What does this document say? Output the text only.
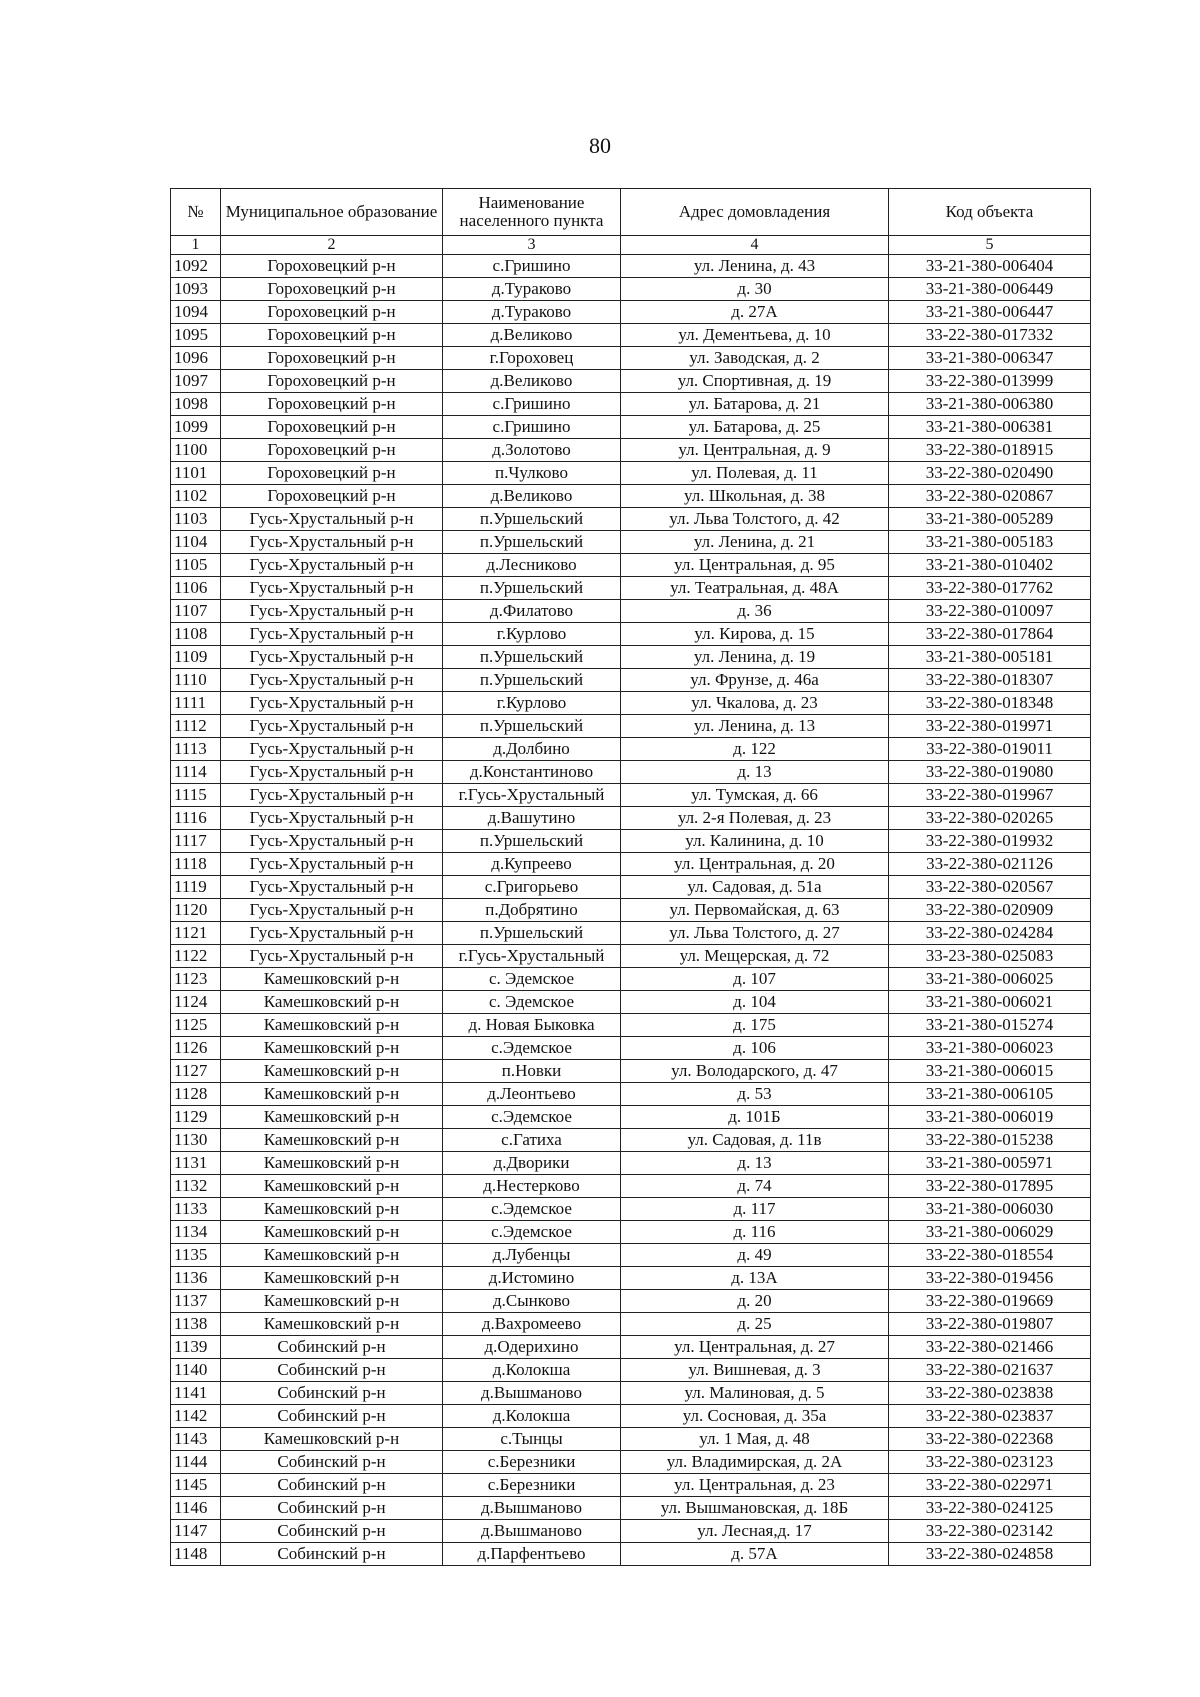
80
№	Муниципальное образование	Наименование населенного пункта	Адрес домовладения	Код объекта
1	2	3	4	5
1092	Гороховецкий р-н	с.Гришино	ул. Ленина, д. 43	33-21-380-006404
1093	Гороховецкий р-н	д.Тураково	д. 30	33-21-380-006449
1094	Гороховецкий р-н	д.Тураково	д. 27А	33-21-380-006447
1095	Гороховецкий р-н	д.Великово	ул. Дементьева, д. 10	33-22-380-017332
1096	Гороховецкий р-н	г.Гороховец	ул. Заводская, д. 2	33-21-380-006347
1097	Гороховецкий р-н	д.Великово	ул. Спортивная, д. 19	33-22-380-013999
1098	Гороховецкий р-н	с.Гришино	ул. Батарова, д. 21	33-21-380-006380
1099	Гороховецкий р-н	с.Гришино	ул. Батарова, д. 25	33-21-380-006381
1100	Гороховецкий р-н	д.Золотово	ул. Центральная, д. 9	33-22-380-018915
1101	Гороховецкий р-н	п.Чулково	ул. Полевая, д. 11	33-22-380-020490
1102	Гороховецкий р-н	д.Великово	ул. Школьная, д. 38	33-22-380-020867
1103	Гусь-Хрустальный р-н	п.Уршельский	ул. Льва Толстого, д. 42	33-21-380-005289
1104	Гусь-Хрустальный р-н	п.Уршельский	ул. Ленина, д. 21	33-21-380-005183
1105	Гусь-Хрустальный р-н	д.Лесниково	ул. Центральная, д. 95	33-21-380-010402
1106	Гусь-Хрустальный р-н	п.Уршельский	ул. Театральная, д. 48А	33-22-380-017762
1107	Гусь-Хрустальный р-н	д.Филатово	д. 36	33-22-380-010097
1108	Гусь-Хрустальный р-н	г.Курлово	ул. Кирова, д. 15	33-22-380-017864
1109	Гусь-Хрустальный р-н	п.Уршельский	ул. Ленина, д. 19	33-21-380-005181
1110	Гусь-Хрустальный р-н	п.Уршельский	ул. Фрунзе, д. 46а	33-22-380-018307
1111	Гусь-Хрустальный р-н	г.Курлово	ул. Чкалова, д. 23	33-22-380-018348
1112	Гусь-Хрустальный р-н	п.Уршельский	ул. Ленина, д. 13	33-22-380-019971
1113	Гусь-Хрустальный р-н	д.Долбино	д. 122	33-22-380-019011
1114	Гусь-Хрустальный р-н	д.Константиново	д. 13	33-22-380-019080
1115	Гусь-Хрустальный р-н	г.Гусь-Хрустальный	ул. Тумская, д. 66	33-22-380-019967
1116	Гусь-Хрустальный р-н	д.Вашутино	ул. 2-я Полевая, д. 23	33-22-380-020265
1117	Гусь-Хрустальный р-н	п.Уршельский	ул. Калинина, д. 10	33-22-380-019932
1118	Гусь-Хрустальный р-н	д.Купреево	ул. Центральная, д. 20	33-22-380-021126
1119	Гусь-Хрустальный р-н	с.Григорьево	ул. Садовая, д. 51а	33-22-380-020567
1120	Гусь-Хрустальный р-н	п.Добрятино	ул. Первомайская, д. 63	33-22-380-020909
1121	Гусь-Хрустальный р-н	п.Уршельский	ул. Льва Толстого, д. 27	33-22-380-024284
1122	Гусь-Хрустальный р-н	г.Гусь-Хрустальный	ул. Мещерская, д. 72	33-23-380-025083
1123	Камешковский р-н	с. Эдемское	д. 107	33-21-380-006025
1124	Камешковский р-н	с. Эдемское	д. 104	33-21-380-006021
1125	Камешковский р-н	д. Новая Быковка	д. 175	33-21-380-015274
1126	Камешковский р-н	с.Эдемское	д. 106	33-21-380-006023
1127	Камешковский р-н	п.Новки	ул. Володарского, д. 47	33-21-380-006015
1128	Камешковский р-н	д.Леонтьево	д. 53	33-21-380-006105
1129	Камешковский р-н	с.Эдемское	д. 101Б	33-21-380-006019
1130	Камешковский р-н	с.Гатиха	ул. Садовая, д. 11в	33-22-380-015238
1131	Камешковский р-н	д.Дворики	д. 13	33-21-380-005971
1132	Камешковский р-н	д.Нестерково	д. 74	33-22-380-017895
1133	Камешковский р-н	с.Эдемское	д. 117	33-21-380-006030
1134	Камешковский р-н	с.Эдемское	д. 116	33-21-380-006029
1135	Камешковский р-н	д.Лубенцы	д. 49	33-22-380-018554
1136	Камешковский р-н	д.Истомино	д. 13А	33-22-380-019456
1137	Камешковский р-н	д.Сынково	д. 20	33-22-380-019669
1138	Камешковский р-н	д.Вахромеево	д. 25	33-22-380-019807
1139	Собинский р-н	д.Одерихино	ул. Центральная, д. 27	33-22-380-021466
1140	Собинский р-н	д.Колокша	ул. Вишневая, д. 3	33-22-380-021637
1141	Собинский р-н	д.Вышманово	ул. Малиновая, д. 5	33-22-380-023838
1142	Собинский р-н	д.Колокша	ул. Сосновая, д. 35а	33-22-380-023837
1143	Камешковский р-н	с.Тынцы	ул. 1 Мая, д. 48	33-22-380-022368
1144	Собинский р-н	с.Березники	ул. Владимирская, д. 2А	33-22-380-023123
1145	Собинский р-н	с.Березники	ул. Центральная, д. 23	33-22-380-022971
1146	Собинский р-н	д.Вышманово	ул. Вышмановская, д. 18Б	33-22-380-024125
1147	Собинский р-н	д.Вышманово	ул. Лесная,д. 17	33-22-380-023142
1148	Собинский р-н	д.Парфентьево	д. 57А	33-22-380-024858
